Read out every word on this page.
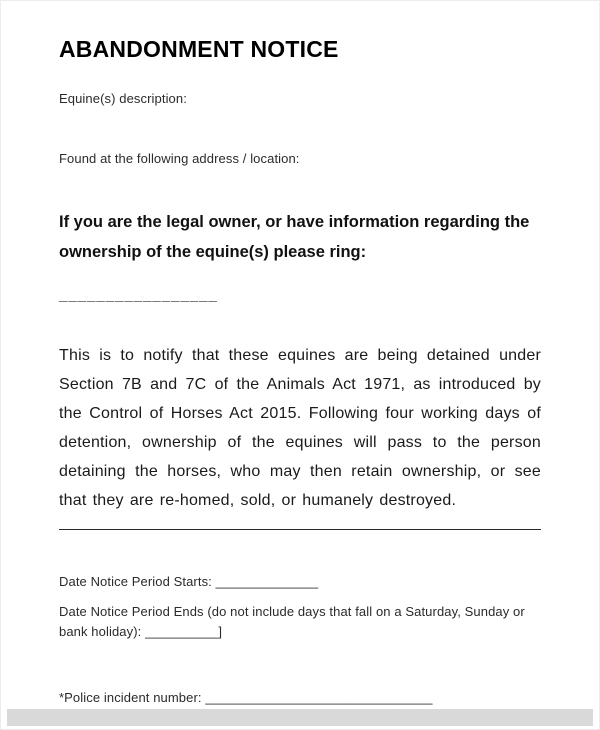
ABANDONMENT NOTICE

Equine(s) description:

Found at the following address / location:

If you are the legal owner, or have information regarding the ownership of the equine(s) please ring:

_________________

This is to notify that these equines are being detained under Section 7B and 7C of the Animals Act 1971, as introduced by the Control of Horses Act 2015. Following four working days of detention, ownership of the equines will pass to the person detaining the horses, who may then retain ownership, or see that they are re-homed, sold, or humanely destroyed.

Date Notice Period Starts: ______________

Date Notice Period Ends (do not include days that fall on a Saturday, Sunday or bank holiday): __________]

*Police incident number: _______________________________
